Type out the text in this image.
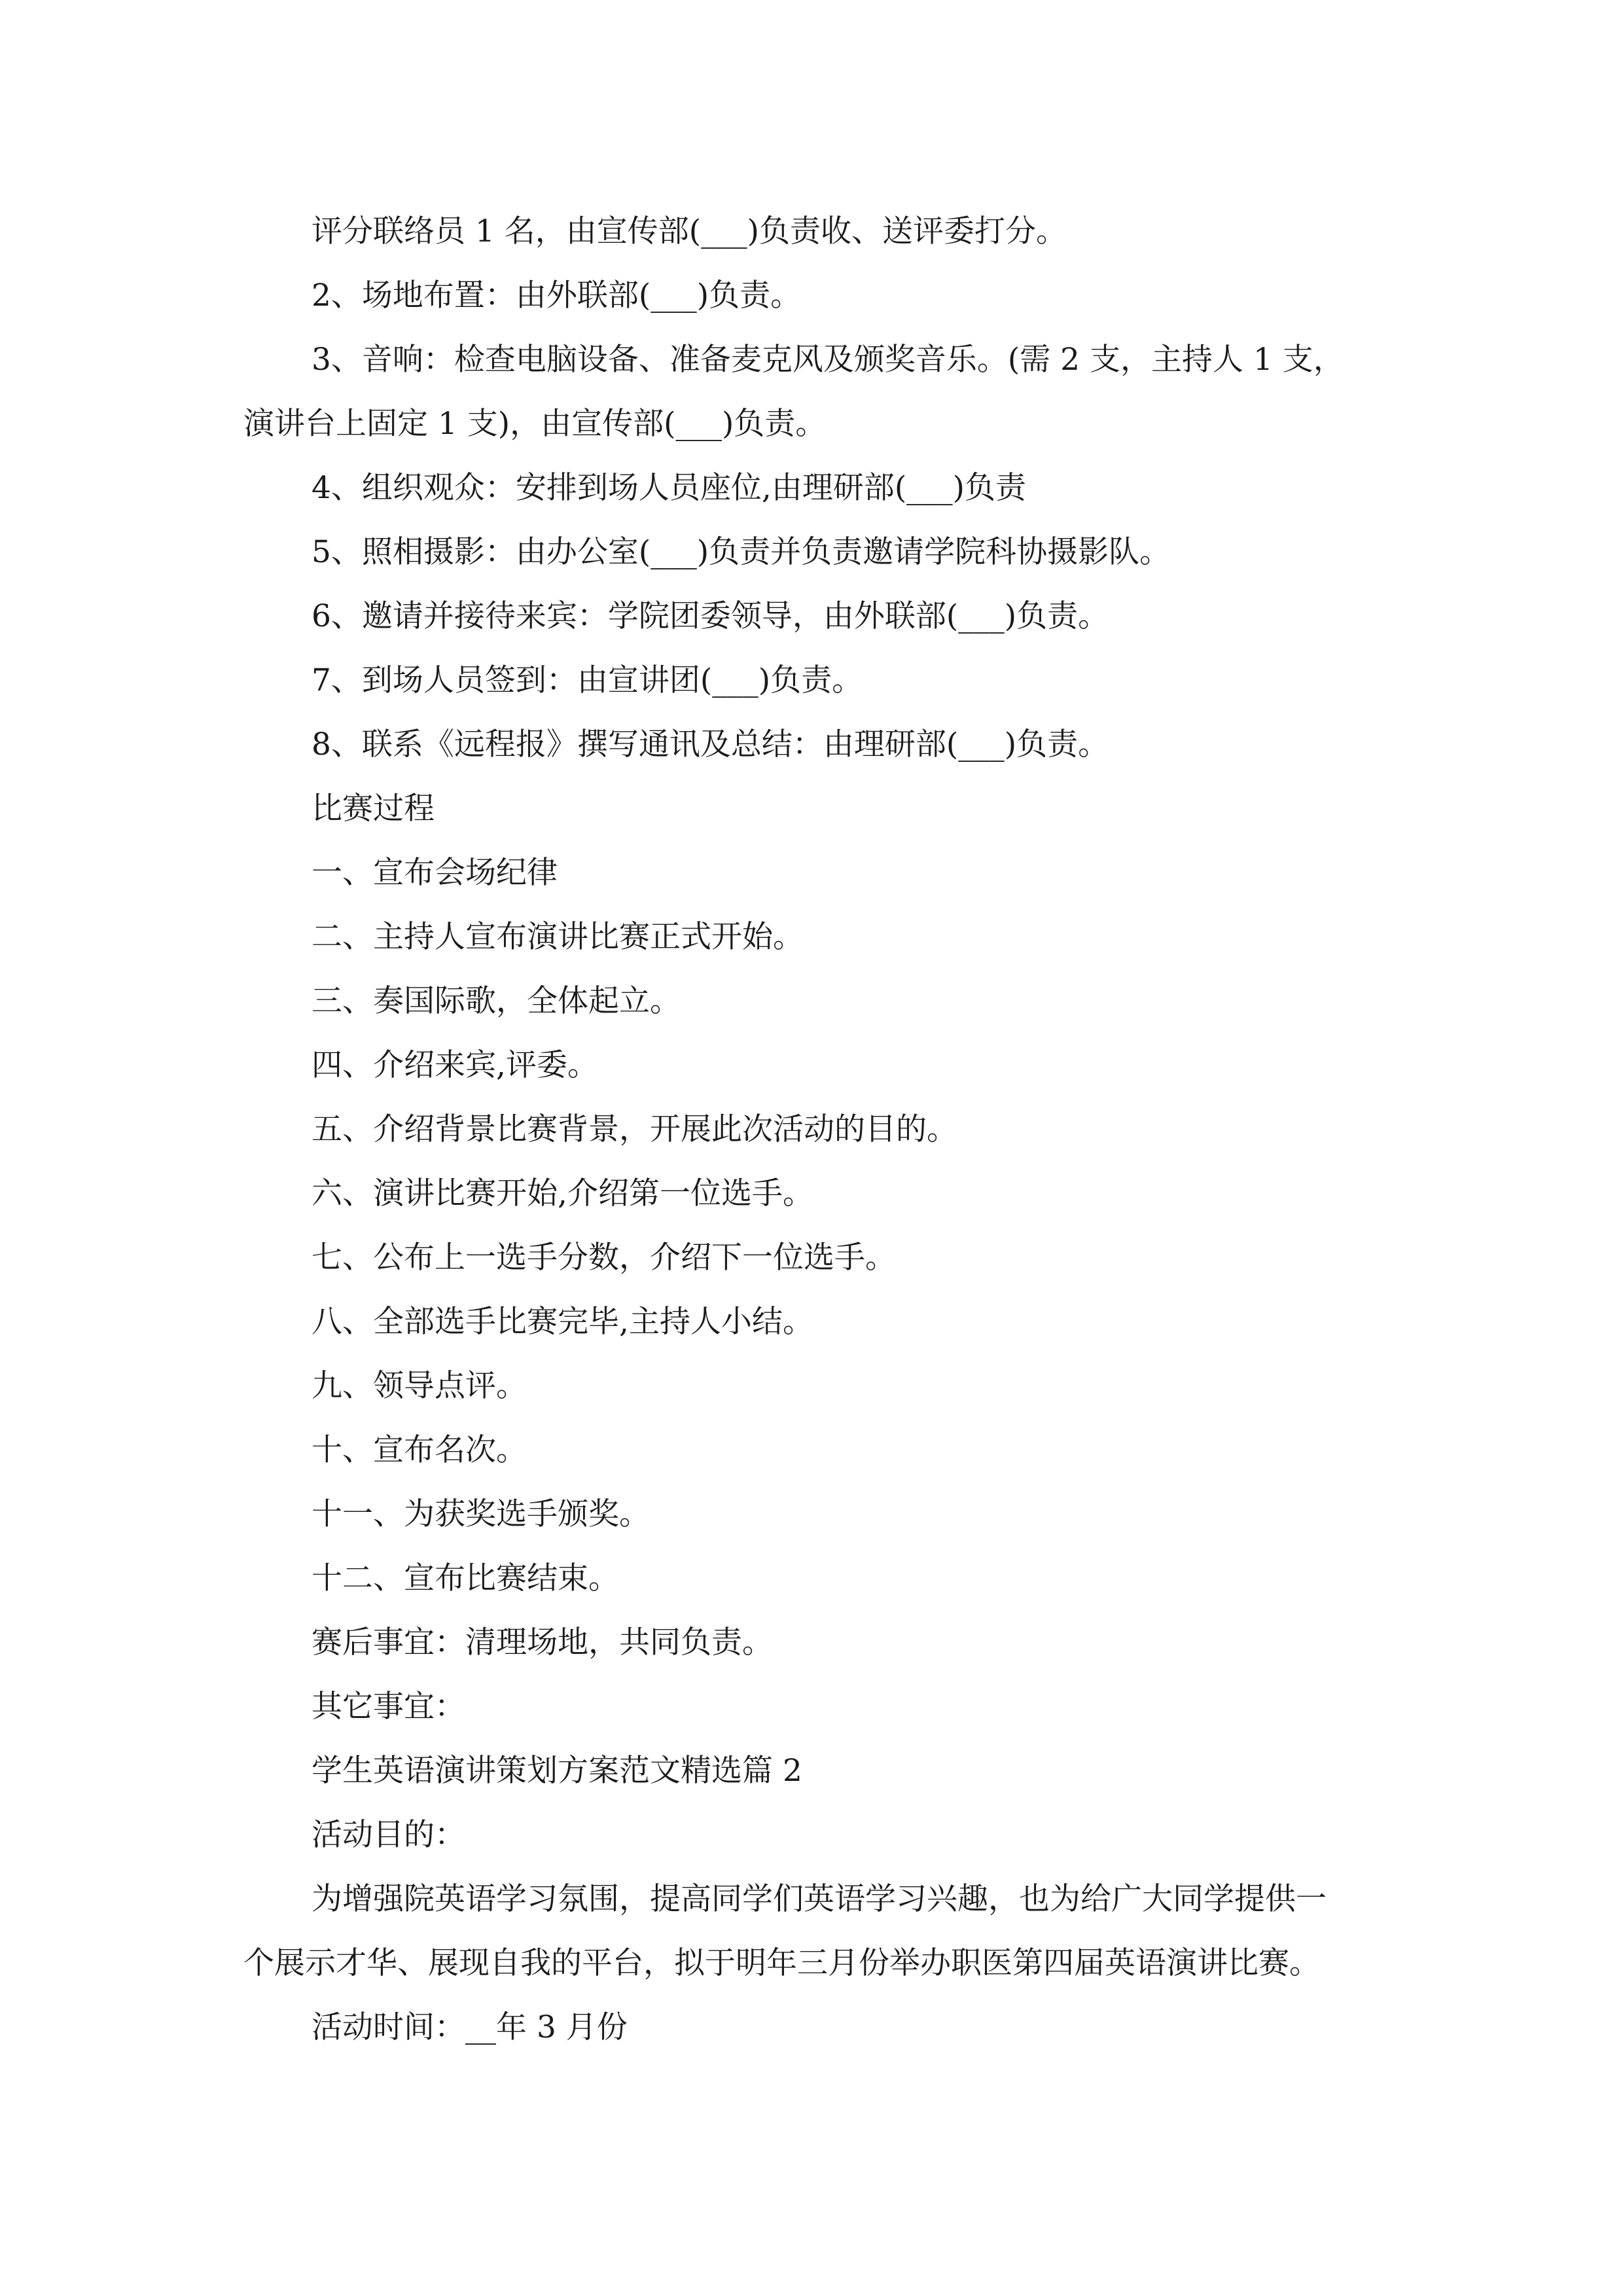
评分联络员 1 名，由宣传部(___)负责收、送评委打分。

2、场地布置：由外联部(___)负责。

3、音响：检查电脑设备、准备麦克风及颁奖音乐。(需 2 支，主持人 1 支，

演讲台上固定 1 支)，由宣传部(___)负责。

4、组织观众：安排到场人员座位,由理研部(___)负责

5、照相摄影：由办公室(___)负责并负责邀请学院科协摄影队。

6、邀请并接待来宾：学院团委领导，由外联部(___)负责。

7、到场人员签到：由宣讲团(___)负责。

8、联系《远程报》撰写通讯及总结：由理研部(___)负责。

比赛过程

一、宣布会场纪律

二、主持人宣布演讲比赛正式开始。

三、奏国际歌，全体起立。

四、介绍来宾,评委。

五、介绍背景比赛背景，开展此次活动的目的。

六、演讲比赛开始,介绍第一位选手。

七、公布上一选手分数，介绍下一位选手。

八、全部选手比赛完毕,主持人小结。

九、领导点评。

十、宣布名次。

十一、为获奖选手颁奖。

十二、宣布比赛结束。

赛后事宜：清理场地，共同负责。

其它事宜：

学生英语演讲策划方案范文精选篇 2

活动目的：

为增强院英语学习氛围，提高同学们英语学习兴趣，也为给广大同学提供一

个展示才华、展现自我的平台，拟于明年三月份举办职医第四届英语演讲比赛。

活动时间：__年 3 月份
